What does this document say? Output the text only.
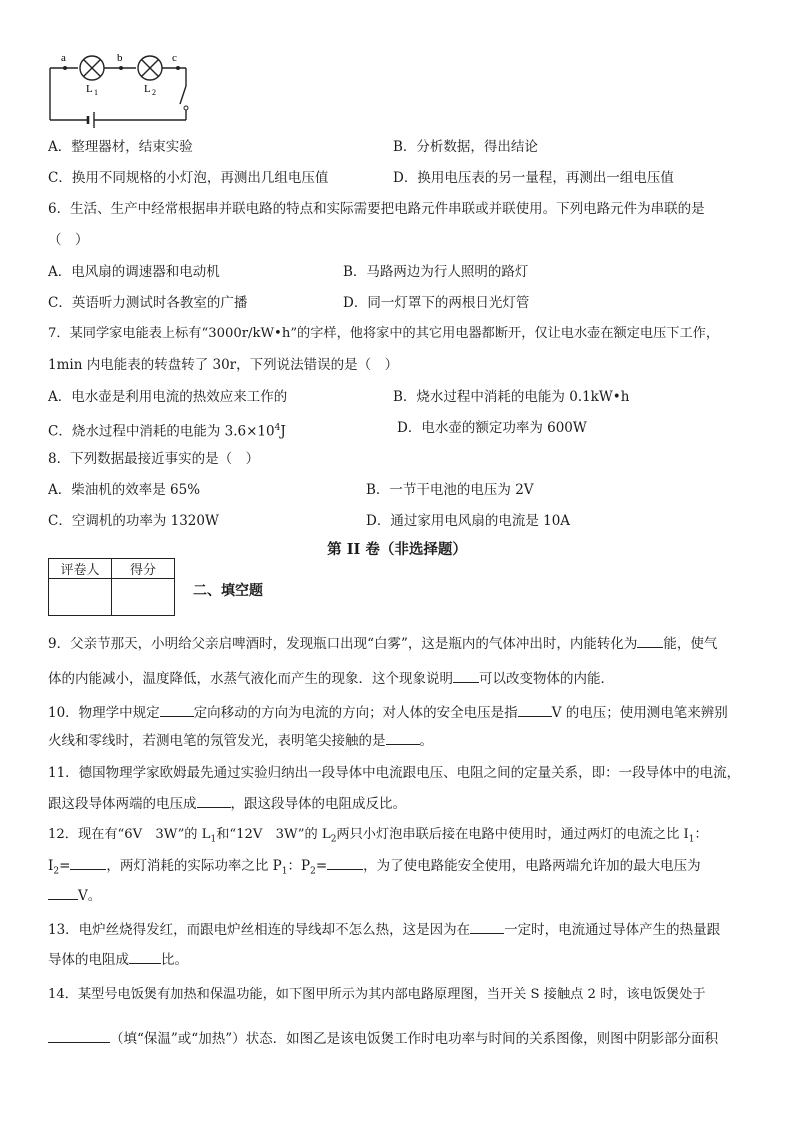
a	b	c
L 1	L 2
A．整理器材，结束实验	B．分析数据，得出结论
C．换用不同规格的小灯泡，再测出几组电压值	D．换用电压表的另一量程，再测出一组电压值
6．生活、生产中经常根据串并联电路的特点和实际需要把电路元件串联或并联使用。下列电路元件为串联的是
（　）
A．电风扇的调速器和电动机	B．马路两边为行人照明的路灯
C．英语听力测试时各教室的广播	D．同一灯罩下的两根日光灯管
7．某同学家电能表上标有“3000r/kW•h”的字样，他将家中的其它用电器都断开，仅让电水壶在额定电压下工作，
1min 内电能表的转盘转了 30r，下列说法错误的是（　）
A．电水壶是利用电流的热效应来工作的	B．烧水过程中消耗的电能为 0.1kW•h
C．烧水过程中消耗的电能为 $3.6\times 10^4J$	D．电水壶的额定功率为 600W
8．下列数据最接近事实的是（　）
A．柴油机的效率是 65%	B．一节干电池的电压为 2V
C．空调机的功率为 1320W	D．通过家用电风扇的电流是 10A
第 II 卷（非选择题）
评卷人	得分

二、填空题
9．父亲节那天，小明给父亲启啤酒时，发现瓶口出现“白雾”，这是瓶内的气体冲出时，内能转化为 能，使气
体的内能减小，温度降低，水蒸气液化而产生的现象．这个现象说明 可以改变物体的内能．
10．物理学中规定	定向移动的方向为电流的方向；对人体的安全电压是指	V 的电压；使用测电笔来辨别
火线和零线时，若测电笔的氖管发光，表明笔尖接触的是	。
11．德国物理学家欧姆最先通过实验归纳出一段导体中电流跟电压、电阻之间的定量关系，即：一段导体中的电流，
跟这段导体两端的电压成	，跟这段导体的电阻成反比。
12．现在有“6V　3W”的 $L_1$和“12V　3W”的 $L_2$两只小灯泡串联后接在电路中使用时，通过两灯的电流之比 $I_1$：
$I_2=$	，两灯消耗的实际功率之比 $P_1$：$P_2=$	，为了使电路能安全使用，电路两端允许加的最大电压为
V。
13．电炉丝烧得发红，而跟电炉丝相连的导线却不怎么热，这是因为在	一定时，电流通过导体产生的热量跟
导体的电阻成 比。
14．某型号电饭煲有加热和保温功能，如下图甲所示为其内部电路原理图，当开关 S 接触点 2 时，该电饭煲处于
（填“保温”或“加热”）状态．如图乙是该电饭煲工作时电功率与时间的关系图像，则图中阴影部分面积
